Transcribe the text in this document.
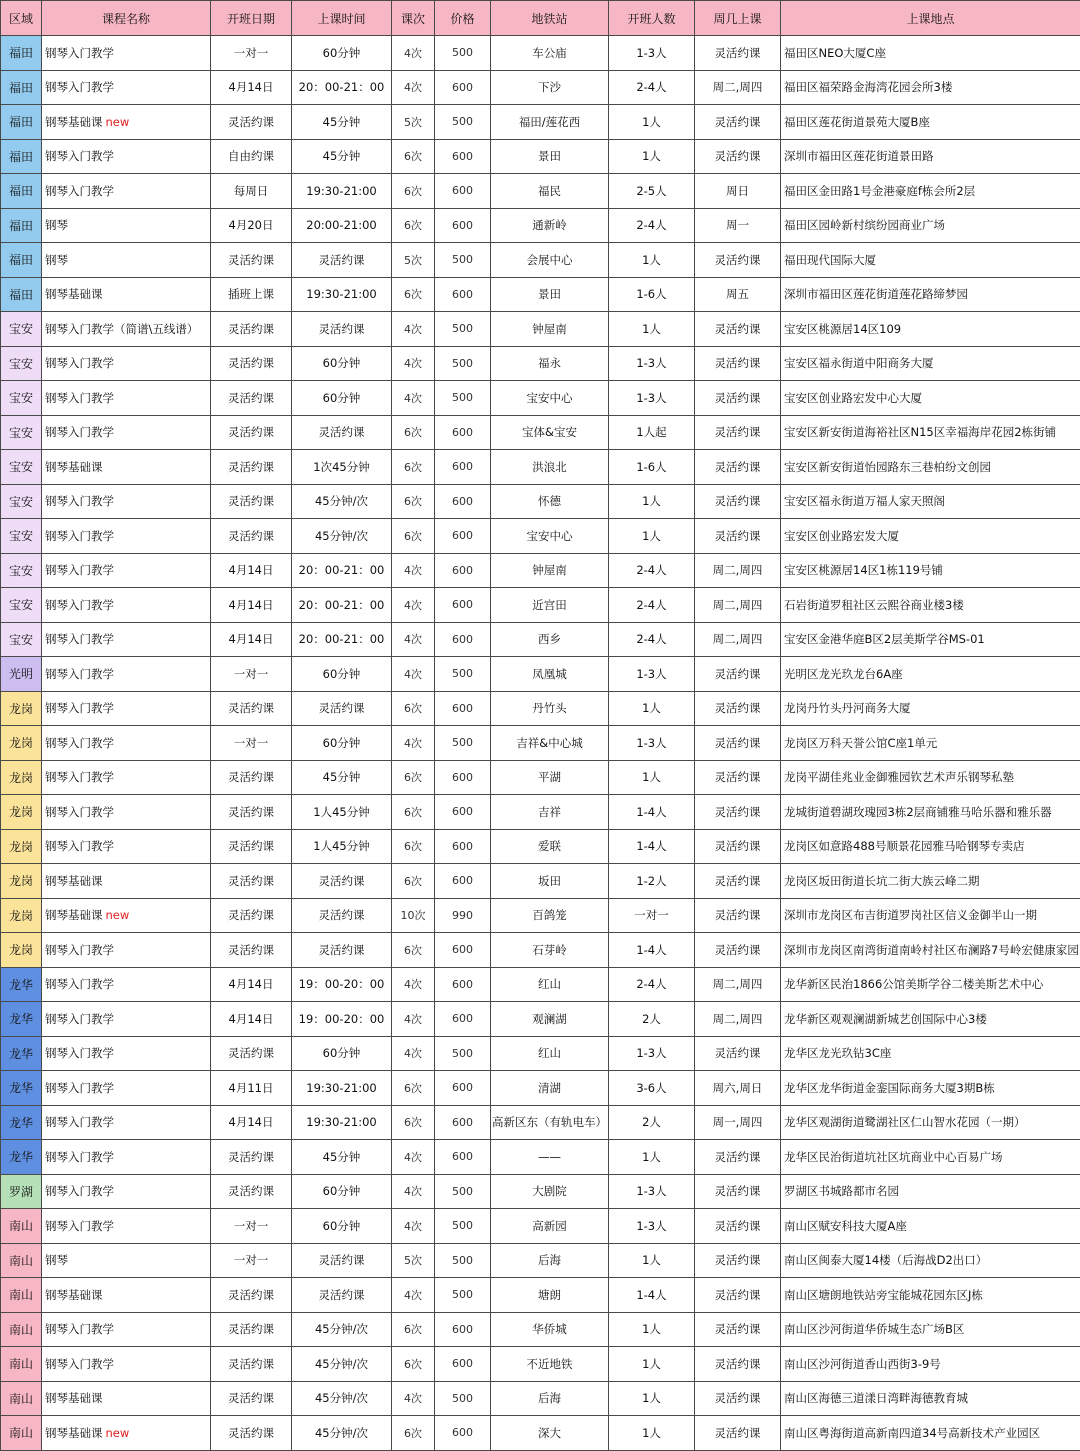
区域	课程名称	开班日期	上课时间	课次	价格	地铁站	开班人数	周几上课	上课地点
福田	钢琴入门教学	一对一	60分钟	4次	500	车公庙	1-3人	灵活约课	福田区NEO大厦C座
福田	钢琴入门教学	4月14日	20：00-21：00	4次	600	下沙	2-4人	周二,周四	福田区福荣路金海湾花园会所3楼
福田	钢琴基础课 new	灵活约课	45分钟	5次	500	福田/莲花西	1人	灵活约课	福田区莲花街道景苑大厦B座
福田	钢琴入门教学	自由约课	45分钟	6次	600	景田	1人	灵活约课	深圳市福田区莲花街道景田路
福田	钢琴入门教学	每周日	19:30-21:00	6次	600	福民	2-5人	周日	福田区金田路1号金港豪庭f栋会所2层
福田	钢琴	4月20日	20:00-21:00	6次	600	通新岭	2-4人	周一	福田区园岭新村缤纷园商业广场
福田	钢琴	灵活约课	灵活约课	5次	500	会展中心	1人	灵活约课	福田现代国际大厦
福田	钢琴基础课	插班上课	19:30-21:00	6次	600	景田	1-6人	周五	深圳市福田区莲花街道莲花路缔梦园
宝安	钢琴入门教学（简谱\五线谱）	灵活约课	灵活约课	4次	500	钟屋南	1人	灵活约课	宝安区桃源居14区109
宝安	钢琴入门教学	灵活约课	60分钟	4次	500	福永	1-3人	灵活约课	宝安区福永街道中阳商务大厦
宝安	钢琴入门教学	灵活约课	60分钟	4次	500	宝安中心	1-3人	灵活约课	宝安区创业路宏发中心大厦
宝安	钢琴入门教学	灵活约课	灵活约课	6次	600	宝体&宝安	1人起	灵活约课	宝安区新安街道海裕社区N15区幸福海岸花园2栋街铺
宝安	钢琴基础课	灵活约课	1次45分钟	6次	600	洪浪北	1-6人	灵活约课	宝安区新安街道怡园路东三巷柏纷文创园
宝安	钢琴入门教学	灵活约课	45分钟/次	6次	600	怀德	1人	灵活约课	宝安区福永街道万福人家天照阁
宝安	钢琴入门教学	灵活约课	45分钟/次	6次	600	宝安中心	1人	灵活约课	宝安区创业路宏发大厦
宝安	钢琴入门教学	4月14日	20：00-21：00	4次	600	钟屋南	2-4人	周二,周四	宝安区桃源居14区1栋119号铺
宝安	钢琴入门教学	4月14日	20：00-21：00	4次	600	近宫田	2-4人	周二,周四	石岩街道罗租社区云熙谷商业楼3楼
宝安	钢琴入门教学	4月14日	20：00-21：00	4次	600	西乡	2-4人	周二,周四	宝安区金港华庭B区2层美斯学谷MS-01
光明	钢琴入门教学	一对一	60分钟	4次	500	凤凰城	1-3人	灵活约课	光明区龙光玖龙台6A座
龙岗	钢琴入门教学	灵活约课	灵活约课	6次	600	丹竹头	1人	灵活约课	龙岗丹竹头丹河商务大厦
龙岗	钢琴入门教学	一对一	60分钟	4次	500	吉祥&中心城	1-3人	灵活约课	龙岗区万科天誉公馆C座1单元
龙岗	钢琴入门教学	灵活约课	45分钟	6次	600	平湖	1人	灵活约课	龙岗平湖佳兆业金御雅园钦艺术声乐钢琴私塾
龙岗	钢琴入门教学	灵活约课	1人45分钟	6次	600	吉祥	1-4人	灵活约课	龙城街道碧湖玫瑰园3栋2层商铺雅马哈乐器和雅乐器
龙岗	钢琴入门教学	灵活约课	1人45分钟	6次	600	爱联	1-4人	灵活约课	龙岗区如意路488号顺景花园雅马哈钢琴专卖店
龙岗	钢琴基础课	灵活约课	灵活约课	6次	600	坂田	1-2人	灵活约课	龙岗区坂田街道长坑二街大族云峰二期
龙岗	钢琴基础课 new	灵活约课	灵活约课	10次	990	百鸽笼	一对一	灵活约课	深圳市龙岗区布吉街道罗岗社区信义金御半山一期
龙岗	钢琴入门教学	灵活约课	灵活约课	6次	600	石芽岭	1-4人	灵活约课	深圳市龙岗区南湾街道南岭村社区布澜路7号岭宏健康家园
龙华	钢琴入门教学	4月14日	19：00-20：00	4次	600	红山	2-4人	周二,周四	龙华新区民治1866公馆美斯学谷二楼美斯艺术中心
龙华	钢琴入门教学	4月14日	19：00-20：00	4次	600	观澜湖	2人	周二,周四	龙华新区观观澜湖新城艺创国际中心3楼
龙华	钢琴入门教学	灵活约课	60分钟	4次	500	红山	1-3人	灵活约课	龙华区龙光玖钻3C座
龙华	钢琴入门教学	4月11日	19:30-21:00	6次	600	清湖	3-6人	周六,周日	龙华区龙华街道金銮国际商务大厦3期B栋
龙华	钢琴入门教学	4月14日	19:30-21:00	6次	600	高新区东（有轨电车）	2人	周一,周四	龙华区观湖街道鹭湖社区仁山智水花园（一期）
龙华	钢琴入门教学	灵活约课	45分钟	4次	600	——	1人	灵活约课	龙华区民治街道坑社区坑商业中心百易广场
罗湖	钢琴入门教学	灵活约课	60分钟	4次	500	大剧院	1-3人	灵活约课	罗湖区书城路都市名园
南山	钢琴入门教学	一对一	60分钟	4次	500	高新园	1-3人	灵活约课	南山区赋安科技大厦A座
南山	钢琴	一对一	灵活约课	5次	500	后海	1人	灵活约课	南山区闽泰大厦14楼（后海战D2出口）
南山	钢琴基础课	灵活约课	灵活约课	4次	500	塘朗	1-4人	灵活约课	南山区塘朗地铁站旁宝能城花园东区J栋
南山	钢琴入门教学	灵活约课	45分钟/次	6次	600	华侨城	1人	灵活约课	南山区沙河街道华侨城生态广场B区
南山	钢琴入门教学	灵活约课	45分钟/次	6次	600	不近地铁	1人	灵活约课	南山区沙河街道香山西街3-9号
南山	钢琴基础课	灵活约课	45分钟/次	4次	500	后海	1人	灵活约课	南山区海德三道漾日湾畔海德教育城
南山	钢琴基础课 new	灵活约课	45分钟/次	6次	600	深大	1人	灵活约课	南山区粤海街道高新南四道34号高新技术产业园区
